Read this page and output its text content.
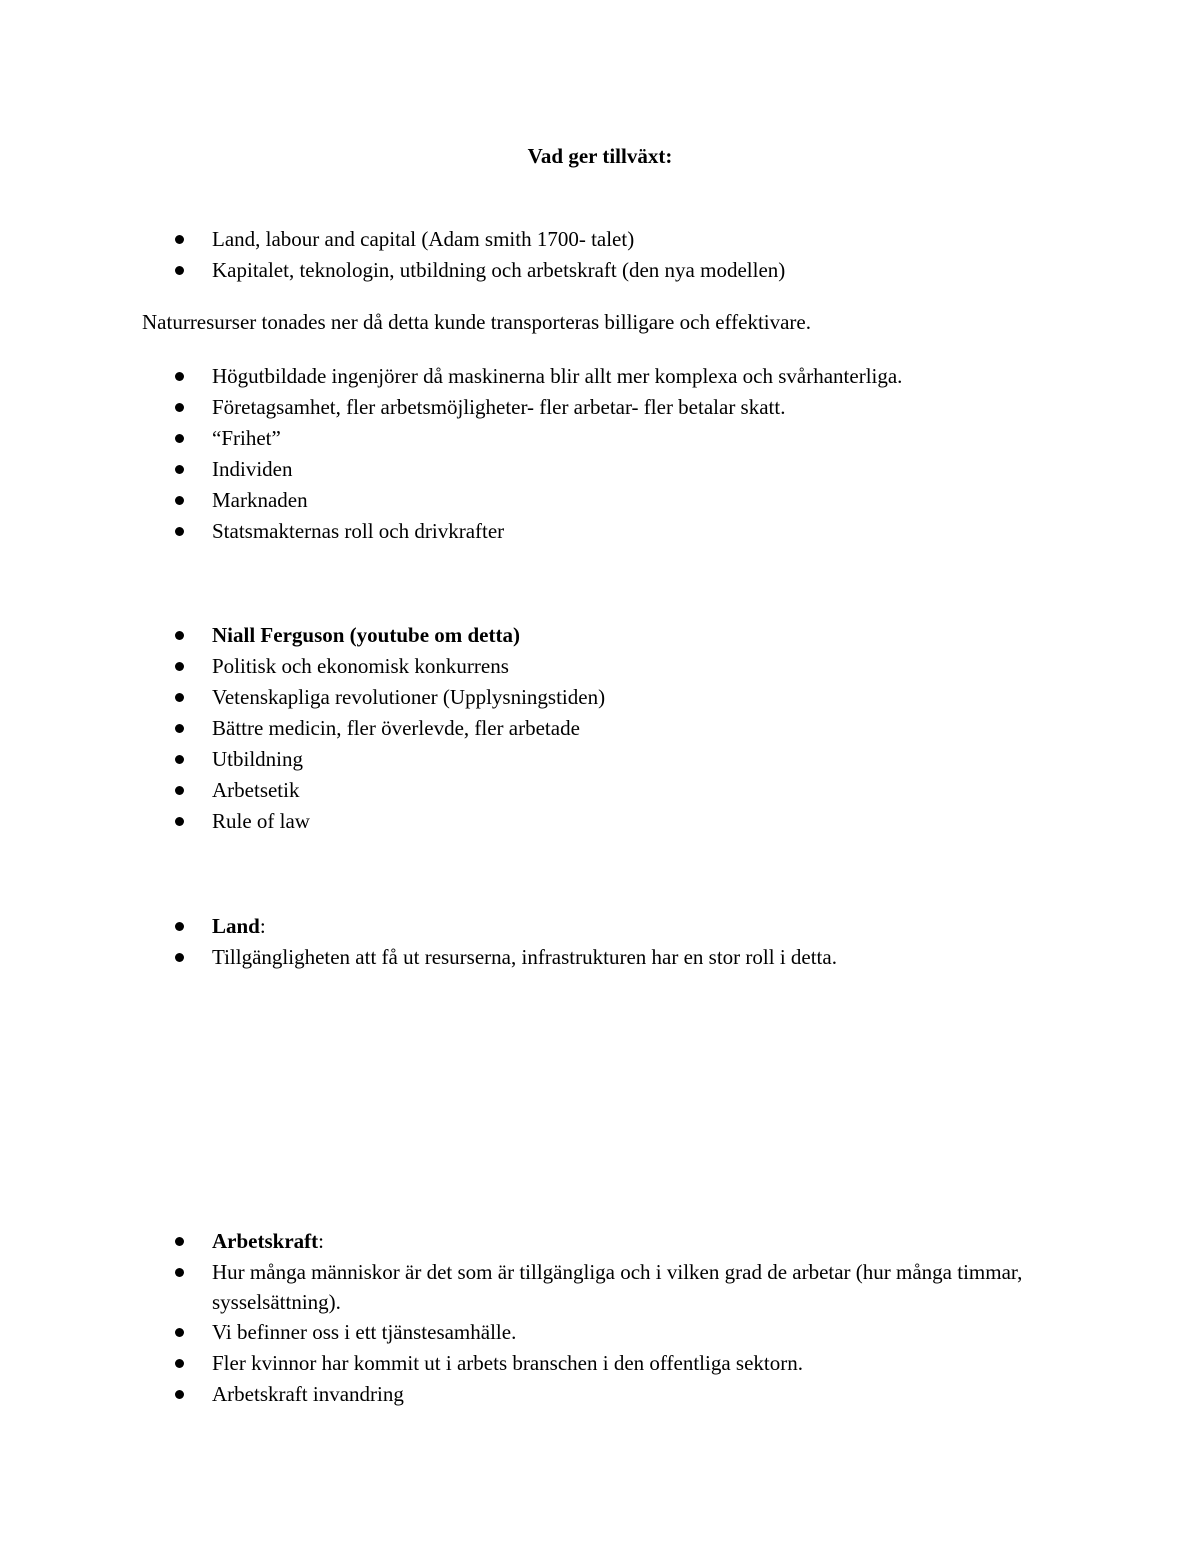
Vad ger tillväxt:
Land, labour and capital (Adam smith 1700- talet)
Kapitalet, teknologin, utbildning och arbetskraft (den nya modellen)
Naturresurser tonades ner då detta kunde transporteras billigare och effektivare.
Högutbildade ingenjörer då maskinerna blir allt mer komplexa och svårhanterliga.
Företagsamhet, fler arbetsmöjligheter- fler arbetar- fler betalar skatt.
“Frihet”
Individen
Marknaden
Statsmakternas roll och drivkrafter
Niall Ferguson (youtube om detta)
Politisk och ekonomisk konkurrens
Vetenskapliga revolutioner (Upplysningstiden)
Bättre medicin, fler överlevde, fler arbetade
Utbildning
Arbetsetik
Rule of law
Land:
Tillgängligheten att få ut resurserna, infrastrukturen har en stor roll i detta.
Arbetskraft:
Hur många människor är det som är tillgängliga och i vilken grad de arbetar (hur många timmar, sysselsättning).
Vi befinner oss i ett tjänstesamhälle.
Fler kvinnor har kommit ut i arbets branschen i den offentliga sektorn.
Arbetskraft invandring
